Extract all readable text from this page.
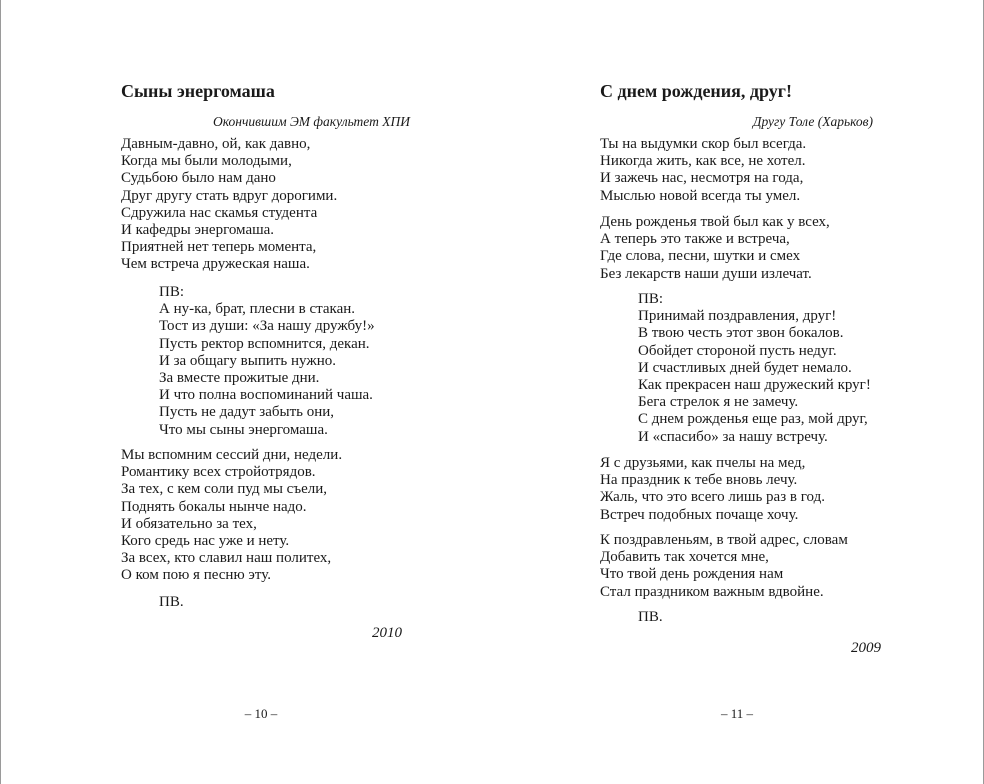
Сыны энергомаша
Окончившим ЭМ факультет ХПИ
Давным-давно, ой, как давно,
Когда мы были молодыми,
Судьбою было нам дано
Друг другу стать вдруг дорогими.
Сдружила нас скамья студента
И кафедры энергомаша.
Приятней нет теперь момента,
Чем встреча дружеская наша.
ПВ:
А ну-ка, брат, плесни в стакан.
Тост из души: «За нашу дружбу!»
Пусть ректор вспомнится, декан.
И за общагу выпить нужно.
За вместе прожитые дни.
И что полна воспоминаний чаша.
Пусть не дадут забыть они,
Что мы сыны энергомаша.
Мы вспомним сессий дни, недели.
Романтику всех стройотрядов.
За тех, с кем соли пуд мы съели,
Поднять бокалы нынче надо.
И обязательно за тех,
Кого средь нас уже и нету.
За всех, кто славил наш политех,
О ком пою я песню эту.
ПВ.
2010
– 10 –
С днем рождения, друг!
Другу Толе (Харьков)
Ты на выдумки скор был всегда.
Никогда жить, как все, не хотел.
И зажечь нас, несмотря на года,
Мыслью новой всегда ты умел.
День рожденья твой был как у всех,
А теперь это также и встреча,
Где слова, песни, шутки и смех
Без лекарств наши души излечат.
ПВ:
Принимай поздравления, друг!
В твою честь этот звон бокалов.
Обойдет стороной пусть недуг.
И счастливых дней будет немало.
Как прекрасен наш дружеский круг!
Бега стрелок я не замечу.
С днем рожденья еще раз, мой друг,
И «спасибо» за нашу встречу.
Я с друзьями, как пчелы на мед,
На праздник к тебе вновь лечу.
Жаль, что это всего лишь раз в год.
Встреч подобных почаще хочу.
К поздравленьям, в твой адрес, словам
Добавить так хочется мне,
Что твой день рождения нам
Стал праздником важным вдвойне.
ПВ.
2009
– 11 –
